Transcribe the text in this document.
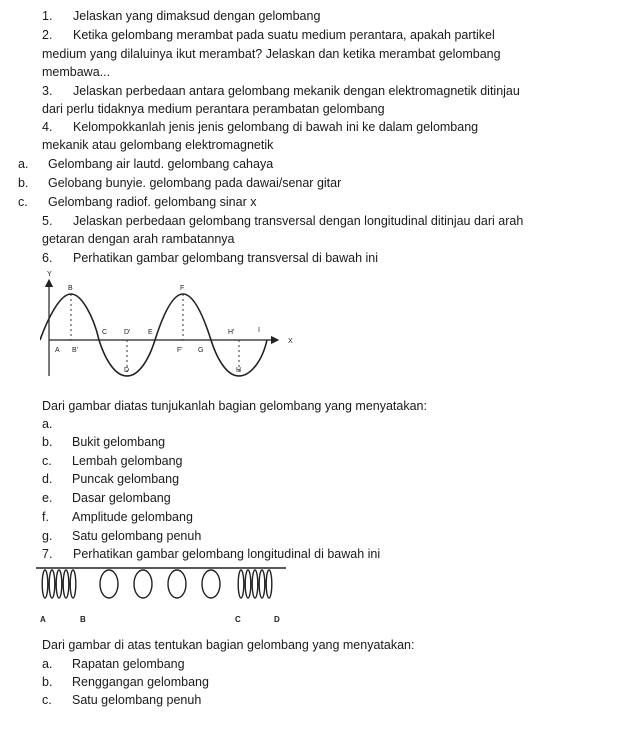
1. Jelaskan yang dimaksud dengan gelombang
2. Ketika gelombang merambat pada suatu medium perantara, apakah partikel
medium yang dilaluinya ikut merambat? Jelaskan dan ketika merambat gelombang
membawa...
3. Jelaskan perbedaan antara gelombang mekanik dengan elektromagnetik ditinjau
dari perlu tidaknya medium perantara perambatan gelombang
4. Kelompokkanlah jenis jenis gelombang di bawah ini ke dalam gelombang
mekanik atau gelombang elektromagnetik
a. Gelombang air lautd. gelombang cahaya
b. Gelobang bunyie. gelombang pada dawai/senar gitar
c. Gelombang radiof. gelombang sinar x
5. Jelaskan perbedaan gelombang transversal dengan longitudinal ditinjau dari arah
getaran dengan arah rambatannya
6. Perhatikan gambar gelombang transversal di bawah ini
Y
X
B
A B'
C D'	E
D
F
F' G
H'	I
H
Dari gambar diatas tunjukanlah bagian gelombang yang menyatakan:
a.
b. Bukit gelombang
c. Lembah gelombang
d. Puncak gelombang
e. Dasar gelombang
f. Amplitude gelombang
g. Satu gelombang penuh
7. Perhatikan gambar gelombang longitudinal di bawah ini
A	B	C	D
Dari gambar di atas tentukan bagian gelombang yang menyatakan:
a. Rapatan gelombang
b. Renggangan gelombang
c. Satu gelombang penuh
